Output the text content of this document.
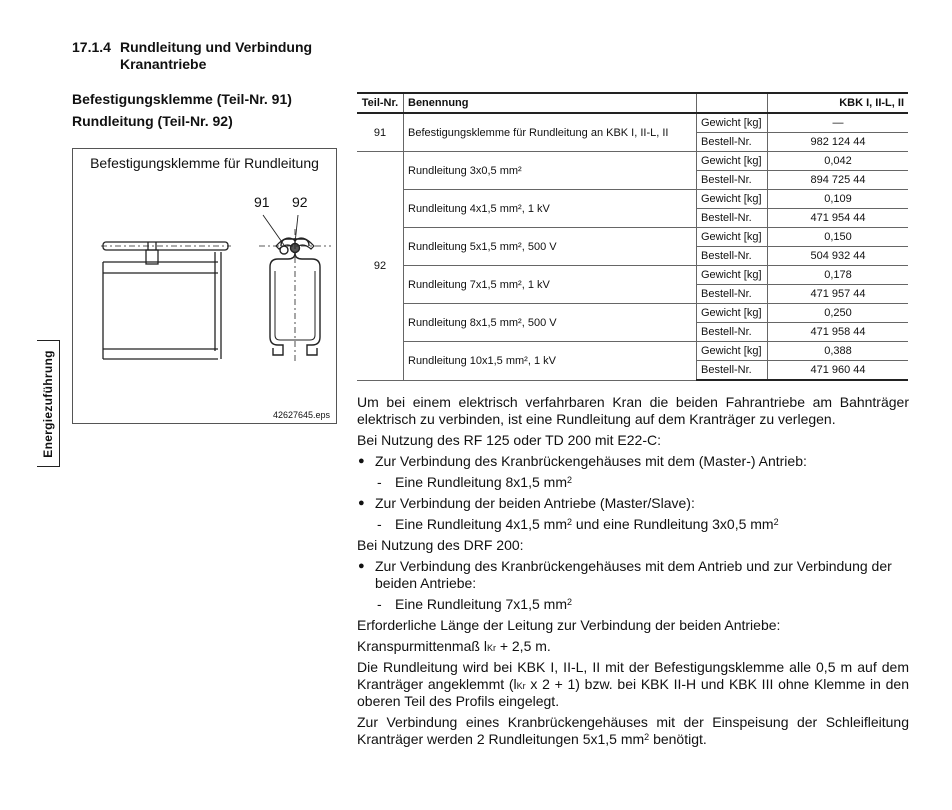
17.1.4 Rundleitung und Verbindung
Kranantriebe
Befestigungsklemme (Teil-Nr. 91)
Rundleitung (Teil-Nr. 92)
Energiezuführung
Befestigungsklemme für Rundleitung
42627645.eps
91 92
Teil-Nr.	Benennung		KBK I, II-L, II
91	Befestigungsklemme für Rundleitung an KBK I, II-L, II	Gewicht [kg]	—
		Bestell-Nr.	982 124 44
92	Rundleitung 3x0,5 mm²	Gewicht [kg]	0,042
		Bestell-Nr.	894 725 44
	Rundleitung 4x1,5 mm², 1 kV	Gewicht [kg]	0,109
		Bestell-Nr.	471 954 44
	Rundleitung 5x1,5 mm², 500 V	Gewicht [kg]	0,150
		Bestell-Nr.	504 932 44
	Rundleitung 7x1,5 mm², 1 kV	Gewicht [kg]	0,178
		Bestell-Nr.	471 957 44
	Rundleitung 8x1,5 mm², 500 V	Gewicht [kg]	0,250
		Bestell-Nr.	471 958 44
	Rundleitung 10x1,5 mm², 1 kV	Gewicht [kg]	0,388
		Bestell-Nr.	471 960 44

Um bei einem elektrisch verfahrbaren Kran die beiden Fahrantriebe am Bahnträger elektrisch zu verbinden, ist eine Rundleitung auf dem Kranträger zu verlegen.

Bei Nutzung des RF 125 oder TD 200 mit E22-C:

● Zur Verbindung des Kranbrückengehäuses mit dem (Master-) Antrieb:
- Eine Rundleitung 8x1,5 $mm^2$
● Zur Verbindung der beiden Antriebe (Master/Slave):
- Eine Rundleitung 4x1,5 $mm^2$ und eine Rundleitung 3x0,5 $mm^2$

Bei Nutzung des DRF 200:

● Zur Verbindung des Kranbrückengehäuses mit dem Antrieb und zur Verbindung der beiden Antriebe:
- Eine Rundleitung 7x1,5 $mm^2$

Erforderliche Länge der Leitung zur Verbindung der beiden Antriebe:

Kranspurmittenmaß $l_{Kr} + 2,5$ m.

Die Rundleitung wird bei KBK I, II-L, II mit der Befestigungsklemme alle 0,5 m auf dem Kranträger angeklemmt ($l_{Kr}$ x 2 + 1) bzw. bei KBK II-H und KBK III ohne Klemme in den oberen Teil des Profils eingelegt.

Zur Verbindung eines Kranbrückengehäuses mit der Einspeisung der Schleifleitung Kranträger werden 2 Rundleitungen 5x1,5 $mm^2$ benötigt.
